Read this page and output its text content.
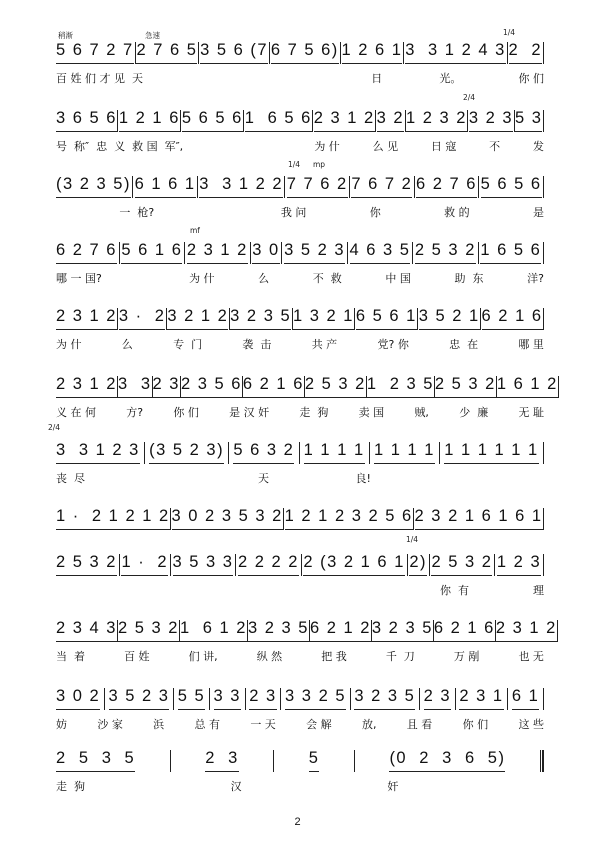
稍渐	急速	1/4
2/4
1/4 mp
mf
2/4
1/4
5 6 7 2 7 2 7 6 5 3 5 6 (7 6 7 5 6) 1 2 6 1 3  3 1 2 4 3 2  2
百 姓 们 才 见  天	日	光。	你 们
3 6 5 6 1 2 1 6 5 6 5 6 1  6 5 6 2 3 1 2 3 2 1 2 3 2 3 2 3 5 3
号  称″  忠  义  救 国  军″,	为 什	么 见	日 寇	不	发
(3 2 3 5) 6 1 6 1 3  3 1 2 2 7 7 6 2 7 6 7 2 6 2 7 6 5 6 5 6
一  枪?	我 问	你	救 的	是
6 2 7 6 5 6 1 6 2 3 1 2 3 0 3 5 2 3 4 6 3 5 2 5 3 2 1 6 5 6
哪 一 国?	为 什	么	不  救	中 国	助  东	洋?
2 3 1 2 3 ·  2 3 2 1 2 3 2 3 5 1 3 2 1 6 5 6 1 3 5 2 1 6 2 1 6
为 什	么	专  门	袭  击	共 产	党? 你	忠  在	哪 里
2 3 1 2 3  3 2 3 2 3 5 6 6 2 1 6 2 5 3 2 1  2 3 5 2 5 3 2 1 6 1 2
义 在 何	方?	你 们	是 汉 奸	走  狗	卖 国	贼,	少  廉	无 耻
3  3 1 2 3 (3 5 2 3) 5 6 3 2 1 1 1 1 1 1 1 1 1 1 1 1 1 1
丧  尽	天	良!
1 ·  2 1 2 1 2 3 0 2 3 5 3 2 1 2 1 2 3 2 5 6 2 3 2 1 6 1 6 1
2 5 3 2 1 ·  2 3 5 3 3 2 2 2 2 2 (3 2 1 6 1 2) 2 5 3 2 1 2 3
你  有	理
2 3 4 3 2 5 3 2 1  6 1 2 3 2 3 5 6 2 1 2 3 2 3 5 6 2 1 6 2 3 1 2
当  着	百 姓	们 讲,	纵 然	把 我	千  刀	万 剐	也 无
3 0 2 3 5 2 3 5 5 3 3 2 3 3 3 2 5 3 2 3 5 2 3 2 3 1 6 1
妨	沙 家	浜	总 有	一 天	会 解	放,	且 看	你 们	这 些
2  5  3  5	2  3	5	(0  2  3  6  5)
走  狗	汉	奸
2
